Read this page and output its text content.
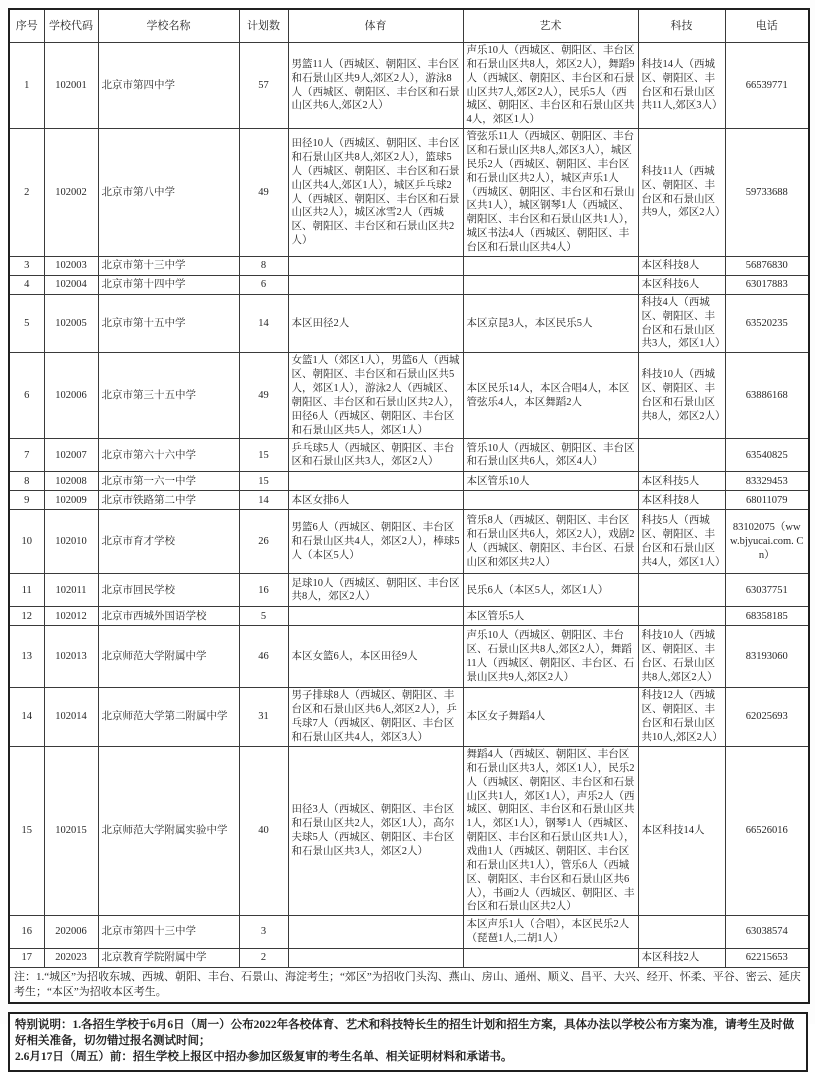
序号	学校代码	学校名称	计划数	体育	艺术	科技	电话
1	102001	北京市第四中学	57	男篮11人（西城区、朝阳区、丰台区和石景山区共9人,郊区2人），游泳8人（西城区、朝阳区、丰台区和石景山区共6人,郊区2人）	声乐10人（西城区、朝阳区、丰台区和石景山区共8人，郊区2人），舞蹈9人（西城区、朝阳区、丰台区和石景山区共7人,郊区2人），民乐5人（西城区、朝阳区、丰台区和石景山区共4人，郊区1人）	科技14人（西城区、朝阳区、丰台区和石景山区共11人,郊区3人）	66539771
2	102002	北京市第八中学	49	田径10人（西城区、朝阳区、丰台区和石景山区共8人,郊区2人），篮球5人（西城区、朝阳区、丰台区和石景山区共4人,郊区1人），城区乒乓球2人（西城区、朝阳区、丰台区和石景山区共2人），城区冰雪2人（西城区、朝阳区、丰台区和石景山区共2人）	管弦乐11人（西城区、朝阳区、丰台区和石景山区共8人,郊区3人），城区民乐2人（西城区、朝阳区、丰台区和石景山区共2人），城区声乐1人（西城区、朝阳区、丰台区和石景山区共1人），城区钢琴1人（西城区、朝阳区、丰台区和石景山区共1人），城区书法4人（西城区、朝阳区、丰台区和石景山区共4人）	科技11人（西城区、朝阳区、丰台区和石景山区共9人，郊区2人）	59733688
3	102003	北京市第十三中学	8			本区科技8人	56876830
4	102004	北京市第十四中学	6			本区科技6人	63017883
5	102005	北京市第十五中学	14	本区田径2人	本区京昆3人，本区民乐5人	科技4人（西城区、朝阳区、丰台区和石景山区共3人，郊区1人）	63520235
6	102006	北京市第三十五中学	49	女篮1人（郊区1人），男篮6人（西城区、朝阳区、丰台区和石景山区共5人，郊区1人），游泳2人（西城区、朝阳区、丰台区和石景山区共2人），田径6人（西城区、朝阳区、丰台区和石景山区共5人，郊区1人）	本区民乐14人，本区合唱4人，本区管弦乐4人，本区舞蹈2人	科技10人（西城区、朝阳区、丰台区和石景山区共8人，郊区2人）	63886168
7	102007	北京市第六十六中学	15	乒乓球5人（西城区、朝阳区、丰台区和石景山区共3人，郊区2人）	管乐10人（西城区、朝阳区、丰台区和石景山区共6人，郊区4人）		63540825
8	102008	北京市第一六一中学	15		本区管乐10人	本区科技5人	83329453
9	102009	北京市铁路第二中学	14	本区女排6人		本区科技8人	68011079
10	102010	北京市育才学校	26	男篮6人（西城区、朝阳区、丰台区和石景山区共4人，郊区2人），棒球5人（本区5人）	管乐8人（西城区、朝阳区、丰台区和石景山区共6人，郊区2人），戏剧2人（西城区、朝阳区、丰台区、石景山区和郊区共2人）	科技5人（西城区、朝阳区、丰台区和石景山区共4人，郊区1人）	83102075（www.bjyucai.com. Cn）
11	102011	北京市回民学校	16	足球10人（西城区、朝阳区、丰台区共8人，郊区2人）	民乐6人（本区5人，郊区1人）		63037751
12	102012	北京市西城外国语学校	5		本区管乐5人		68358185
13	102013	北京师范大学附属中学	46	本区女篮6人，本区田径9人	声乐10人（西城区、朝阳区、丰台区、石景山区共8人,郊区2人），舞蹈11人（西城区、朝阳区、丰台区、石景山区共9人,郊区2人）	科技10人（西城区、朝阳区、丰台区、石景山区共8人,郊区2人）	83193060
14	102014	北京师范大学第二附属中学	31	男子排球8人（西城区、朝阳区、丰台区和石景山区共6人,郊区2人），乒乓球7人（西城区、朝阳区、丰台区和石景山区共4人，郊区3人）	本区女子舞蹈4人	科技12人（西城区、朝阳区、丰台区和石景山区共10人,郊区2人）	62025693
15	102015	北京师范大学附属实验中学	40	田径3人（西城区、朝阳区、丰台区和石景山区共2人，郊区1人），高尔夫球5人（西城区、朝阳区、丰台区和石景山区共3人，郊区2人）	舞蹈4人（西城区、朝阳区、丰台区和石景山区共3人，郊区1人），民乐2人（西城区、朝阳区、丰台区和石景山区共1人，郊区1人），声乐2人（西城区、朝阳区、丰台区和石景山区共1人，郊区1人），钢琴1人（西城区、朝阳区、丰台区和石景山区共1人），戏曲1人（西城区、朝阳区、丰台区和石景山区共1人），管乐6人（西城区、朝阳区、丰台区和石景山区共6人），书画2人（西城区、朝阳区、丰台区和石景山区共2人）	本区科技14人	66526016
16	202006	北京市第四十三中学	3		本区声乐1人（合唱），本区民乐2人（琵琶1人,二胡1人）		63038574
17	202023	北京教育学院附属中学	2			本区科技2人	62215653
注：1.“城区”为招收东城、西城、朝阳、丰台、石景山、海淀考生；“郊区”为招收门头沟、燕山、房山、通州、顺义、昌平、大兴、经开、怀柔、平谷、密云、延庆考生；“本区”为招收本区考生。							

特别说明：1.各招生学校于6月6日（周一）公布2022年各校体育、艺术和科技特长生的招生计划和招生方案，具体办法以学校公布方案为准，请考生及时做好相关准备，切勿错过报名测试时间；

2.6月17日（周五）前：招生学校上报区中招办参加区级复审的考生名单、相关证明材料和承诺书。
